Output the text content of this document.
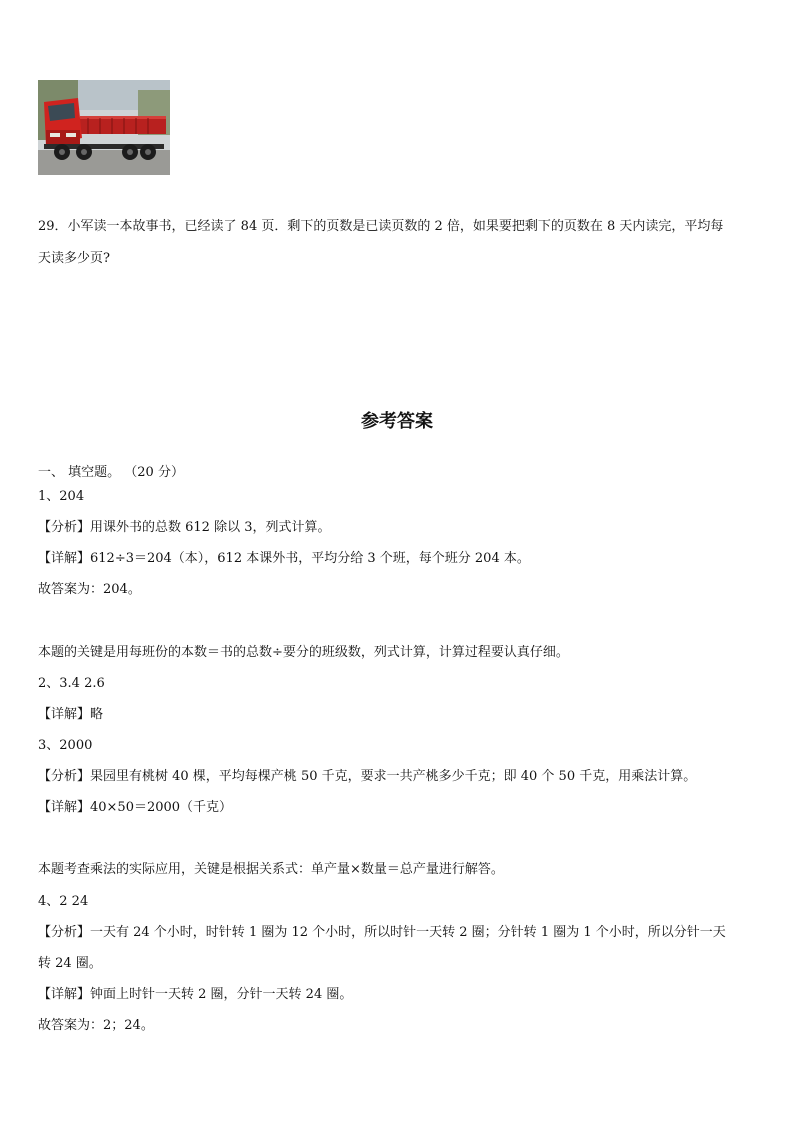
29．小军读一本故事书，已经读了 84 页．剩下的页数是已读页数的 2 倍，如果要把剩下的页数在 8 天内读完，平均每
天读多少页?
参考答案
一、 填空题。 （20 分）
1、204
【分析】用课外书的总数 612 除以 3，列式计算。
【详解】612÷3＝204（本），612 本课外书，平均分给 3 个班，每个班分 204 本。
故答案为：204。
本题的关键是用每班份的本数＝书的总数÷要分的班级数，列式计算，计算过程要认真仔细。
2、3.4 2.6
【详解】略
3、2000
【分析】果园里有桃树 40 棵，平均每棵产桃 50 千克，要求一共产桃多少千克；即 40 个 50 千克，用乘法计算。
【详解】40×50＝2000（千克）
本题考查乘法的实际应用，关键是根据关系式：单产量×数量＝总产量进行解答。
4、2 24
【分析】一天有 24 个小时，时针转 1 圈为 12 个小时，所以时针一天转 2 圈；分针转 1 圈为 1 个小时，所以分针一天
转 24 圈。
【详解】钟面上时针一天转 2 圈，分针一天转 24 圈。
故答案为：2；24。
